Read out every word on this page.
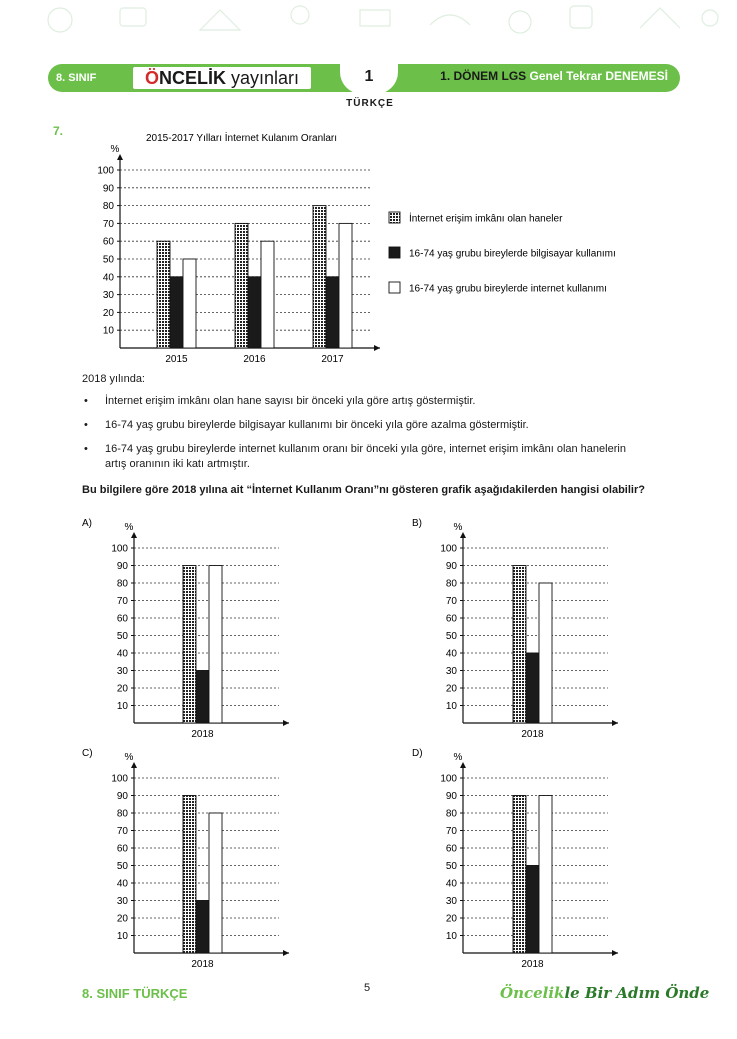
8. SINIF	ÖNCELİK yayınları	1	1. DÖNEM LGS Genel Tekrar DENEMESİ
TÜRKÇE
7.
%
10
20
30
40
50
60
70
80
90
100
2015	2016	2017
2015-2017 Yılları İnternet Kulanım Oranları
İnternet erişim imkânı olan haneler
16-74 yaş grubu bireylerde bilgisayar kullanımı
16-74 yaş grubu bireylerde internet kullanımı
%
10
20
30
40
50
60
70
80
90
100
2018
A)	%
10
20
30
40
50
60
70
80
90
100
2018
B)
%
10
20
30
40
50
60
70
80
90
100
2018
C)	%
10
20
30
40
50
60
70
80
90
100
2018
D)
2018 yılında:
• İnternet erişim imkânı olan hane sayısı bir önceki yıla göre artış göstermiştir.
• 16-74 yaş grubu bireylerde bilgisayar kullanımı bir önceki yıla göre azalma göstermiştir.
• 16-74 yaş grubu bireylerde internet kullanım oranı bir önceki yıla göre, internet erişim imkânı olan hanelerin
artış oranının iki katı artmıştır.
Bu bilgilere göre 2018 yılına ait “İnternet Kullanım Oranı”nı gösteren grafik aşağıdakilerden hangisi olabilir?
8. SINIF TÜRKÇE	5	Öncelikle Bir Adım Önde
